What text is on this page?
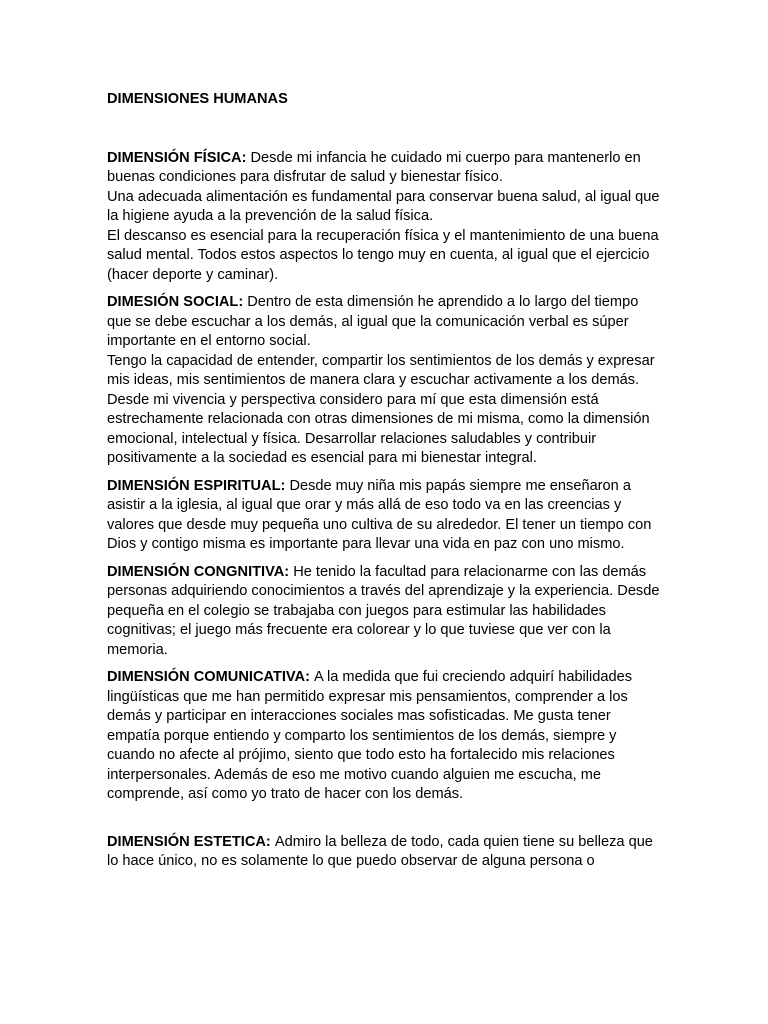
DIMENSIONES HUMANAS

DIMENSIÓN FÍSICA: Desde mi infancia he cuidado mi cuerpo para mantenerlo en buenas condiciones para disfrutar de salud y bienestar físico.
Una adecuada alimentación es fundamental para conservar buena salud, al igual que la higiene ayuda a la prevención de la salud física.
El descanso es esencial para la recuperación física y el mantenimiento de una buena salud mental. Todos estos aspectos lo tengo muy en cuenta, al igual que el ejercicio (hacer deporte y caminar).
DIMESIÓN SOCIAL: Dentro de esta dimensión he aprendido a lo largo del tiempo que se debe escuchar a los demás, al igual que la comunicación verbal es súper importante en el entorno social.
Tengo la capacidad de entender, compartir los sentimientos de los demás y expresar mis ideas, mis sentimientos de manera clara y escuchar activamente a los demás.
Desde mi vivencia y perspectiva considero para mí que esta dimensión está estrechamente relacionada con otras dimensiones de mi misma, como la dimensión emocional, intelectual y física. Desarrollar relaciones saludables y contribuir positivamente a la sociedad es esencial para mi bienestar integral.
DIMENSIÓN ESPIRITUAL: Desde muy niña mis papás siempre me enseñaron a asistir a la iglesia, al igual que orar y más allá de eso todo va en las creencias y valores que desde muy pequeña uno cultiva de su alrededor. El tener un tiempo con Dios y contigo misma es importante para llevar una vida en paz con uno mismo.
DIMENSIÓN CONGNITIVA: He tenido la facultad para relacionarme con las demás personas adquiriendo conocimientos a través del aprendizaje y la experiencia. Desde pequeña en el colegio se trabajaba con juegos para estimular las habilidades cognitivas; el juego más frecuente era colorear y lo que tuviese que ver con la memoria.
DIMENSIÓN COMUNICATIVA: A la medida que fui creciendo adquirí habilidades lingüísticas que me han permitido expresar mis pensamientos, comprender a los demás y participar en interacciones sociales mas sofisticadas. Me gusta tener empatía porque entiendo y comparto los sentimientos de los demás, siempre y cuando no afecte al prójimo, siento que todo esto ha fortalecido mis relaciones interpersonales. Además de eso me motivo cuando alguien me escucha, me comprende, así como yo trato de hacer con los demás.
DIMENSIÓN ESTETICA: Admiro la belleza de todo, cada quien tiene su belleza que lo hace único, no es solamente lo que puedo observar de alguna persona o
